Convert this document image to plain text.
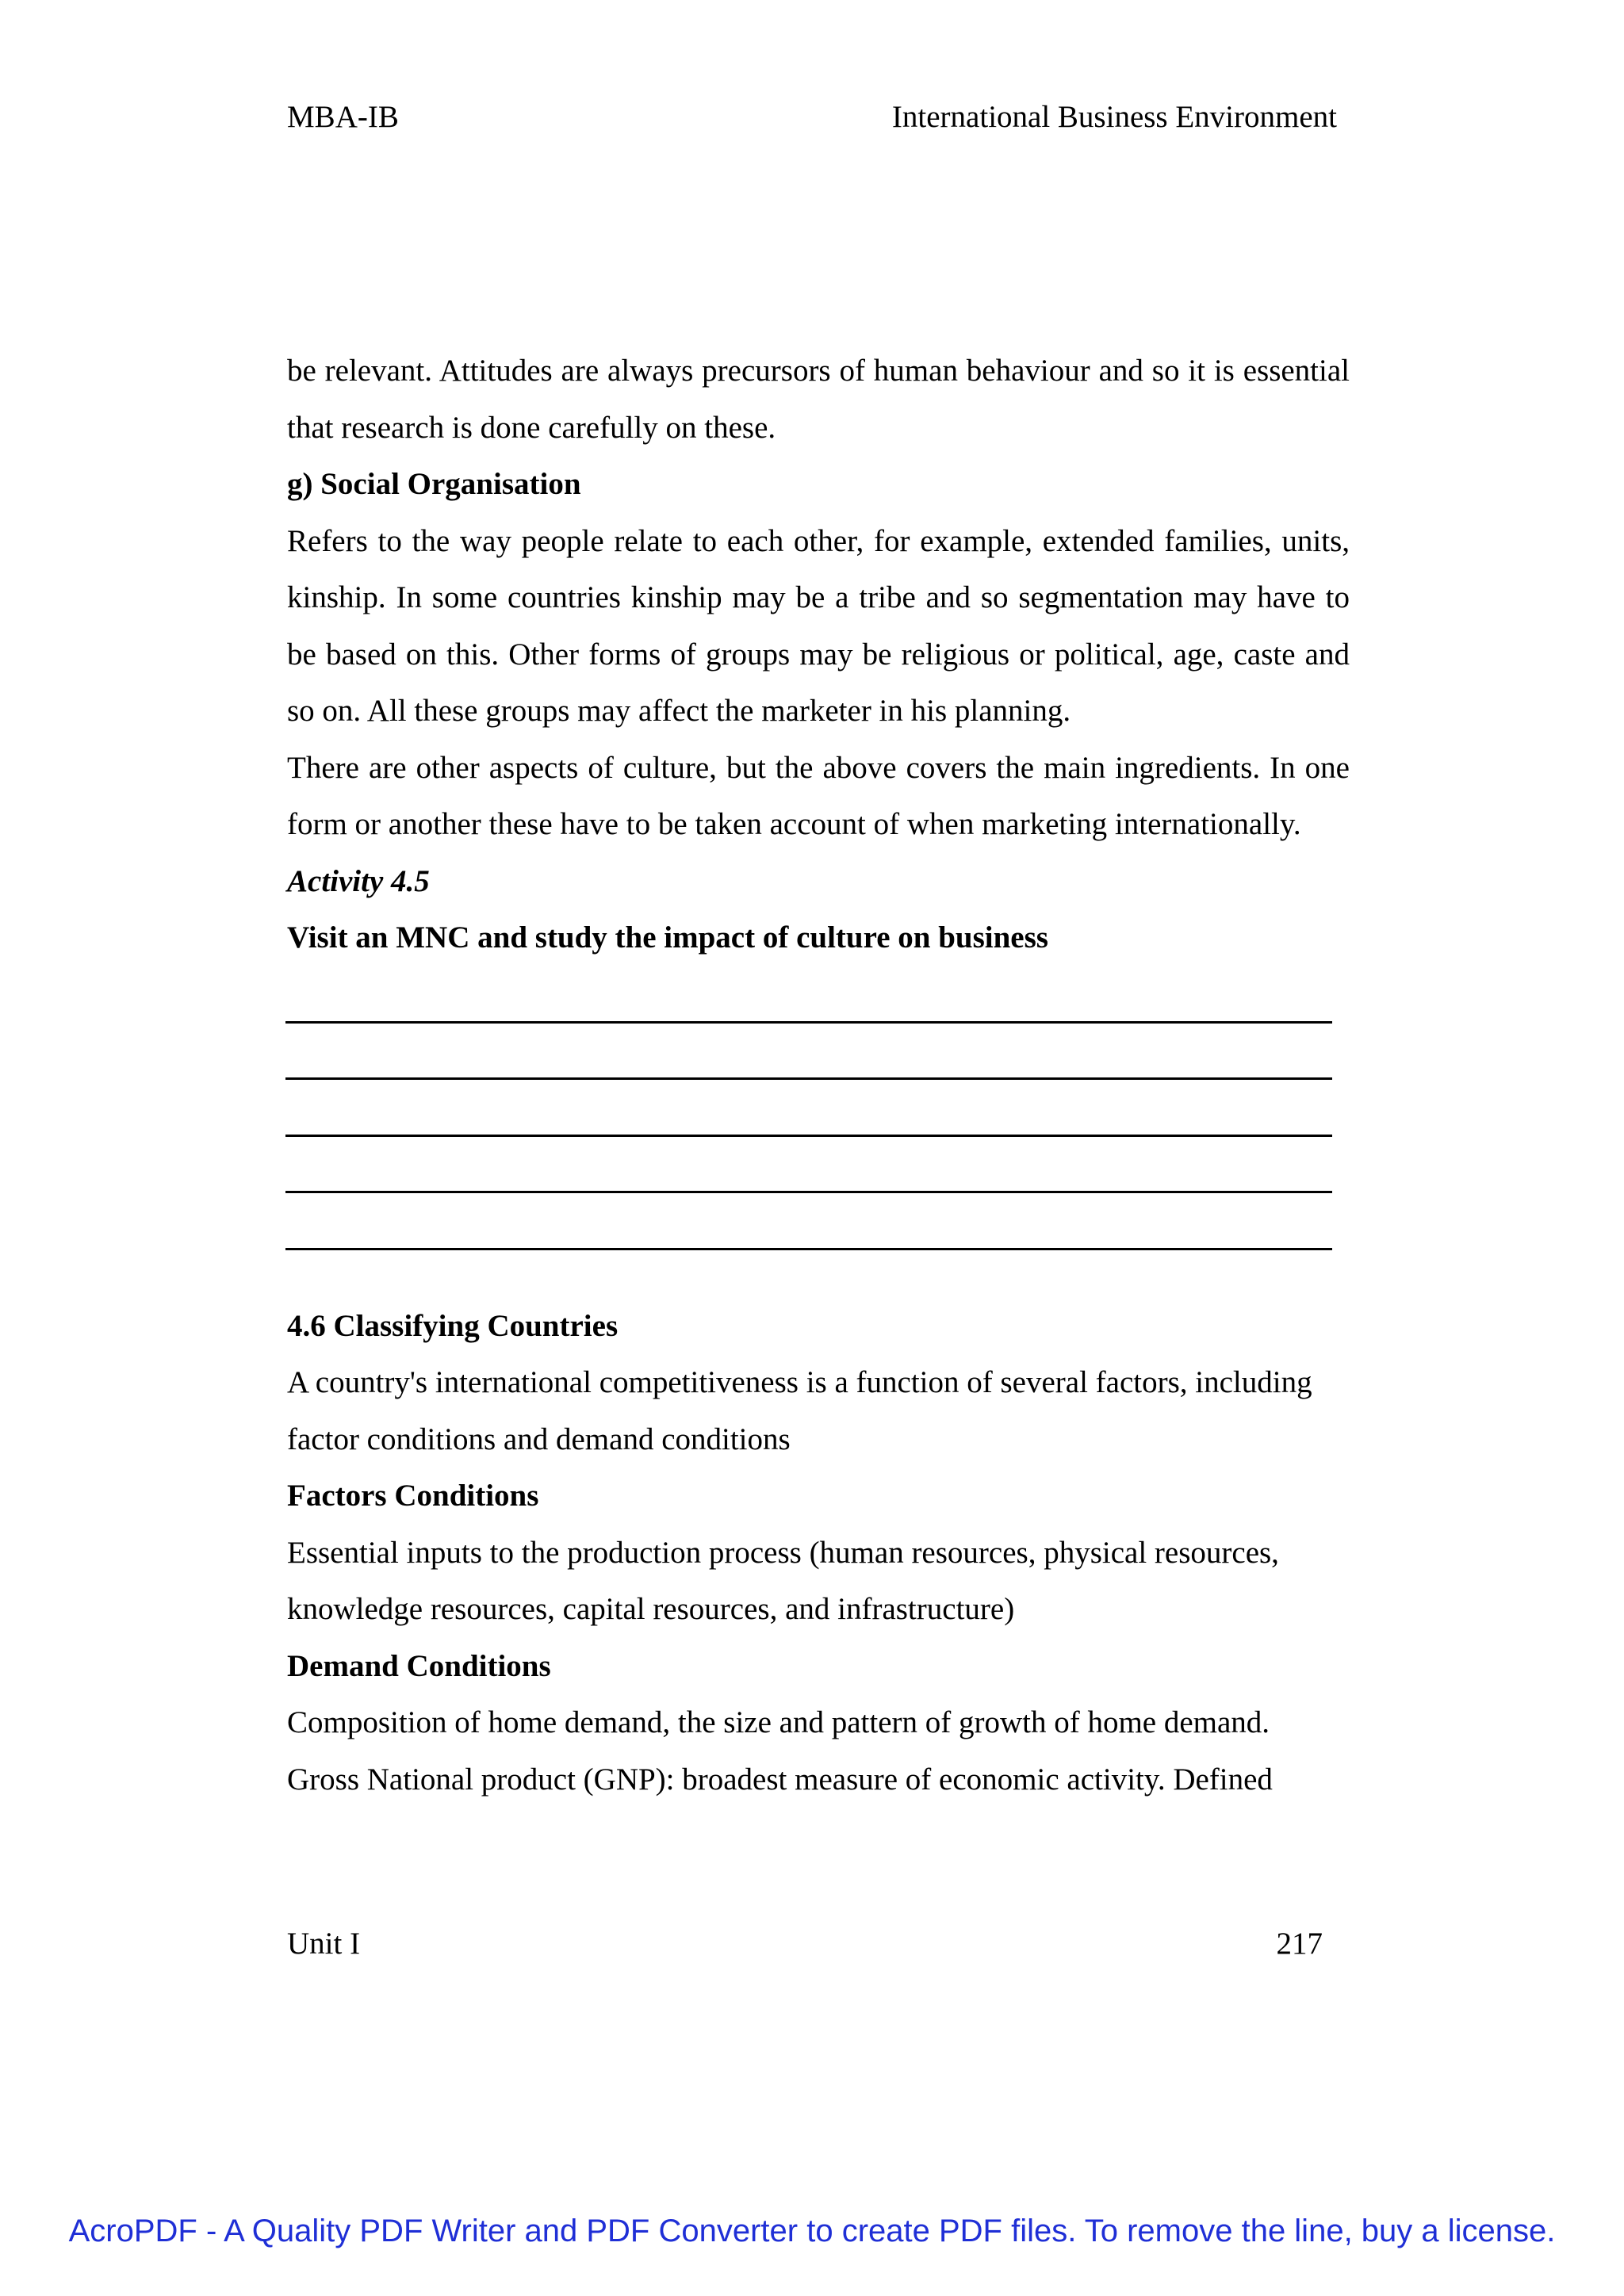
MBA-IB	International Business Environment

be relevant. Attitudes are always precursors of human behaviour and so it is essential that research is done carefully on these.

g) Social Organisation

Refers to the way people relate to each other, for example, extended families, units, kinship. In some countries kinship may be a tribe and so segmentation may have to be based on this. Other forms of groups may be religious or political, age, caste and so on. All these groups may affect the marketer in his planning.

There are other aspects of culture, but the above covers the main ingredients. In one form or another these have to be taken account of when marketing internationally.

Activity 4.5

Visit an MNC and study the impact of culture on business

4.6 Classifying Countries

A country's international competitiveness is a function of several factors, including factor conditions and demand conditions

Factors Conditions

Essential inputs to the production process (human resources, physical resources, knowledge resources, capital resources, and infrastructure)

Demand Conditions

Composition of home demand, the size and pattern of growth of home demand.

Gross National product (GNP): broadest measure of economic activity. Defined

Unit I	217
AcroPDF - A Quality PDF Writer and PDF Converter to create PDF files. To remove the line, buy a license.
